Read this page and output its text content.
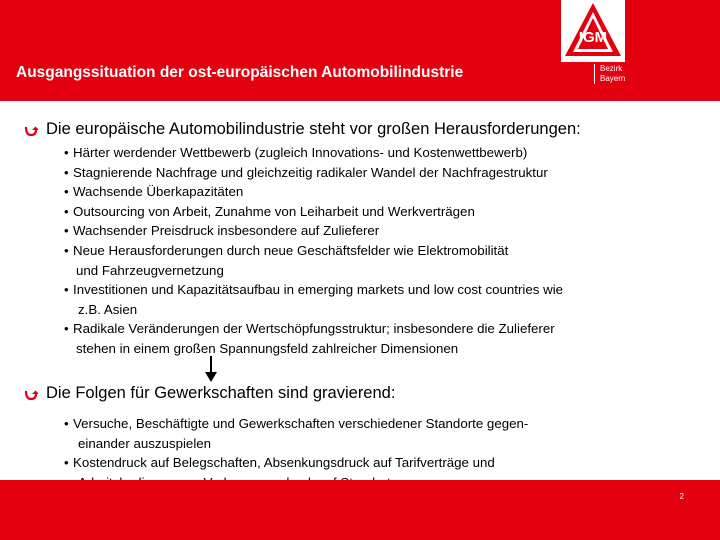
Ausgangssituation der ost-europäischen Automobilindustrie
IGM
Bezirk
Bayern
Die europäische Automobilindustrie steht vor großen Herausforderungen:
• Härter werdender Wettbewerb (zugleich Innovations- und Kostenwettbewerb)
• Stagnierende Nachfrage und gleichzeitig radikaler Wandel der Nachfragestruktur
• Wachsende Überkapazitäten
• Outsourcing von Arbeit, Zunahme von Leiharbeit und Werkverträgen
• Wachsender Preisdruck insbesondere auf Zulieferer
• Neue Herausforderungen durch neue Geschäftsfelder wie Elektromobilität
und Fahrzeugvernetzung
• Investitionen und Kapazitätsaufbau in emerging markets und low cost countries wie
z.B. Asien
• Radikale Veränderungen der Wertschöpfungsstruktur; insbesondere die Zulieferer
stehen in einem großen Spannungsfeld zahlreicher Dimensionen
Die Folgen für Gewerkschaften sind gravierend:
• Versuche, Beschäftigte und Gewerkschaften verschiedener Standorte gegen-
einander auszuspielen
• Kostendruck auf Belegschaften, Absenkungsdruck auf Tarifverträge und
2
